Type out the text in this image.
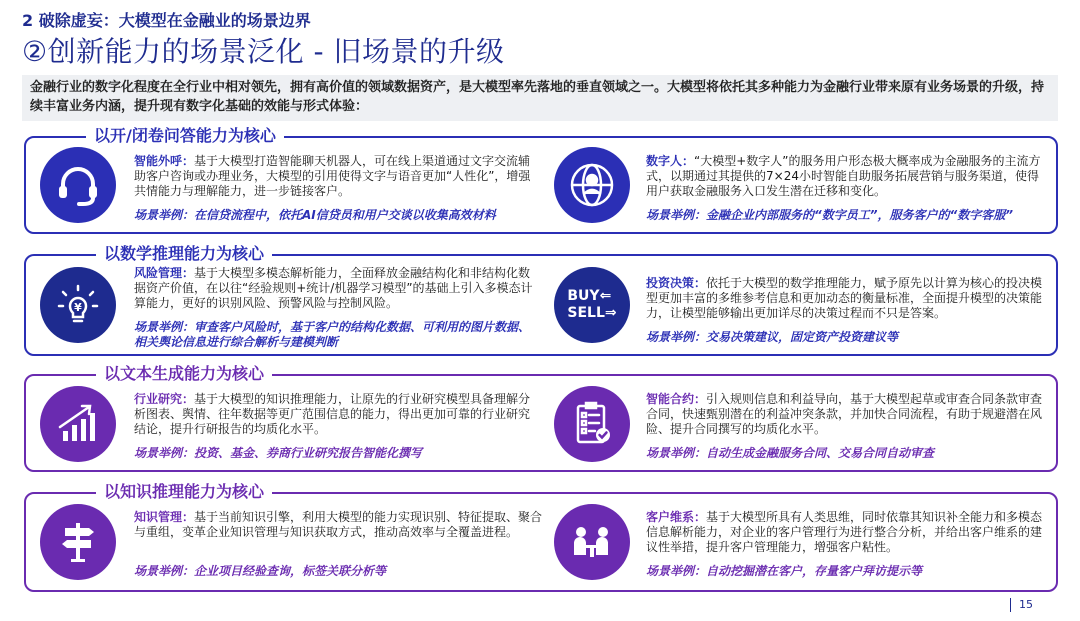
2 破除虚妄：大模型在金融业的场景边界
②创新能力的场景泛化 - 旧场景的升级
金融行业的数字化程度在全行业中相对领先，拥有高价值的领域数据资产，是大模型率先落地的垂直领域之一。大模型将依托其多种能力为金融行业带来原有业务场景的升级，持续丰富业务内涵，提升现有数字化基础的效能与形式体验：
以开/闭卷问答能力为核心
智能外呼：基于大模型打造智能聊天机器人，可在线上渠道通过文字交流辅助客户咨询或办理业务，大模型的引用使得文字与语音更加“人性化”，增强共情能力与理解能力，进一步链接客户。
场景举例：在信贷流程中，依托AI信贷员和用户交谈以收集高效材料
数字人：“大模型+数字人”的服务用户形态极大概率成为金融服务的主流方式，以期通过其提供的7×24小时智能自助服务拓展营销与服务渠道，使得用户获取金融服务入口发生潜在迁移和变化。
场景举例：金融企业内部服务的“数字员工”，服务客户的“数字客服”
以数学推理能力为核心
¥
风险管理：基于大模型多模态解析能力，全面释放金融结构化和非结构化数据资产价值，在以往“经验规则+统计/机器学习模型”的基础上引入多模态计算能力，更好的识别风险、预警风险与控制风险。
场景举例：审查客户风险时，基于客户的结构化数据、可利用的图片数据、相关舆论信息进行综合解析与建模判断
BUY⇐
SELL⇒
投资决策：依托于大模型的数学推理能力，赋予原先以计算为核心的投决模型更加丰富的多维参考信息和更加动态的衡量标准，全面提升模型的决策能力，让模型能够输出更加详尽的决策过程而不只是答案。
场景举例：交易决策建议，固定资产投资建议等
以文本生成能力为核心
行业研究：基于大模型的知识推理能力，让原先的行业研究模型具备理解分析图表、舆情、往年数据等更广范围信息的能力，得出更加可靠的行业研究结论，提升行研报告的均质化水平。
场景举例：投资、基金、券商行业研究报告智能化撰写
智能合约：引入规则信息和利益导向，基于大模型起草或审查合同条款审查合同，快速甄别潜在的利益冲突条款，并加快合同流程，有助于规避潜在风险、提升合同撰写的均质化水平。
场景举例：自动生成金融服务合同、交易合同自动审查
以知识推理能力为核心
知识管理：基于当前知识引擎，利用大模型的能力实现识别、特征提取、聚合与重组，变革企业知识管理与知识获取方式，推动高效率与全覆盖进程。
场景举例：企业项目经验查询，标签关联分析等
客户维系：基于大模型所具有人类思维，同时依靠其知识补全能力和多模态信息解析能力，对企业的客户管理行为进行整合分析，并给出客户维系的建议性举措，提升客户管理能力，增强客户粘性。
场景举例：自动挖掘潜在客户，存量客户拜访提示等
15
